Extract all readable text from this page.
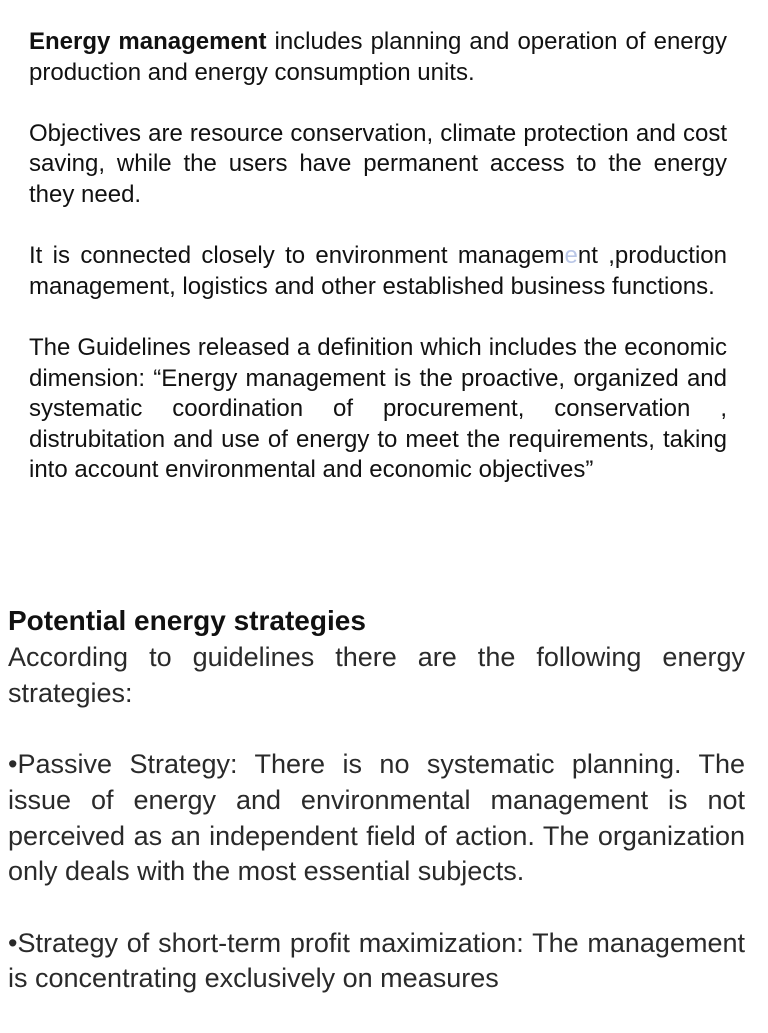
Energy management includes planning and operation of energy production and energy consumption units.

Objectives are resource conservation, climate protection and cost saving, while the users have permanent access to the energy they need.

It is connected closely to environment management ,production management, logistics and other established business functions.

The Guidelines released a definition which includes the economic dimension: “Energy management is the proactive, organized and systematic coordination of procurement, conservation , distrubitation and use of energy to meet the requirements, taking into account environmental and economic objectives”

Potential energy strategies

According to guidelines there are the following energy strategies:

•Passive Strategy: There is no systematic planning. The issue of energy and environmental management is not perceived as an independent field of action. The organization only deals with the most essential subjects.

•Strategy of short-term profit maximization: The management is concentrating exclusively on measures
